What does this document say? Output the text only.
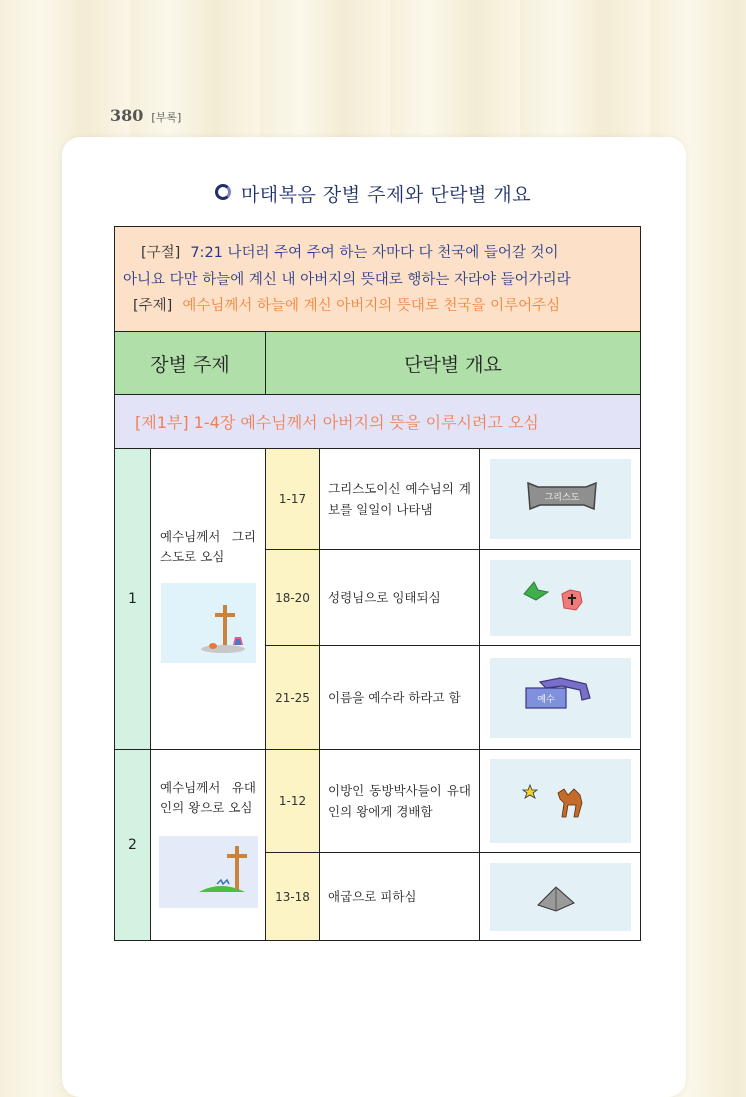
380 [부록]
마태복음 장별 주제와 단락별 개요
[구절] 7:21 나더러 주여 주여 하는 자마다 다 천국에 들어갈 것이
아니요 다만 하늘에 계신 내 아버지의 뜻대로 행하는 자라야 들어가리라
[주제] 예수님께서 하늘에 계신 아버지의 뜻대로 천국을 이루어주심				

장별 주제		단락별 개요		
[제1부] 1-4장 예수님께서 아버지의 뜻을 이루시려고 오심				
1	예수님께서 그리스도로 오심	1-17	그리스도이신 예수님의 계보를 일일이 나타냄	그리스도

		18-20	성령님으로 잉태되심	

		21-25	이름을 예수라 하라고 함	예수

2	예수님께서 유대인의 왕으로 오심	1-12	이방인 동방박사들이 유대인의 왕에게 경배함	

		13-18	애굽으로 피하심	
